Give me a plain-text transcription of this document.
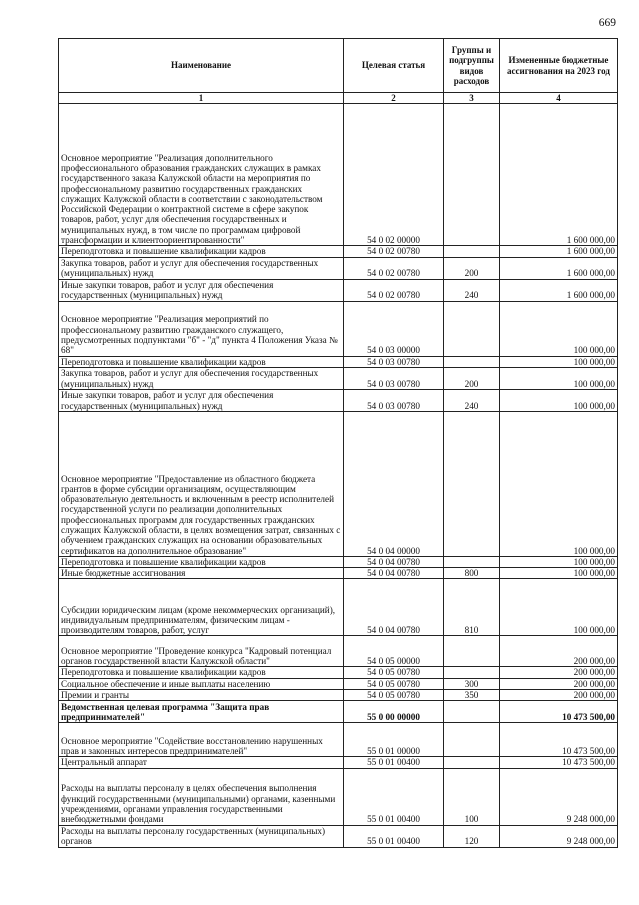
669
Наименование	Целевая статья	Группы и подгруппы видов расходов	Измененные бюджетные ассигнования на 2023 год
1	2	3	4
Основное мероприятие "Реализация дополнительного профессионального образования гражданских служащих в рамках государственного заказа Калужской области на мероприятия по профессиональному развитию государственных гражданских служащих Калужской области в соответствии с законодательством Российской Федерации о контрактной системе в сфере закупок товаров, работ, услуг для обеспечения государственных и муниципальных нужд, в том числе по программам цифровой трансформации и клиентоориентированности"	54 0 02 00000		1 600 000,00
Переподготовка и повышение квалификации кадров	54 0 02 00780		1 600 000,00
Закупка товаров, работ и услуг для обеспечения государственных (муниципальных) нужд	54 0 02 00780	200	1 600 000,00
Иные закупки товаров, работ и услуг для обеспечения государственных (муниципальных) нужд	54 0 02 00780	240	1 600 000,00
Основное мероприятие "Реализация мероприятий по профессиональному развитию гражданского служащего, предусмотренных подпунктами "б" - "д" пункта 4 Положения Указа № 68"	54 0 03 00000		100 000,00
Переподготовка и повышение квалификации кадров	54 0 03 00780		100 000,00
Закупка товаров, работ и услуг для обеспечения государственных (муниципальных) нужд	54 0 03 00780	200	100 000,00
Иные закупки товаров, работ и услуг для обеспечения государственных (муниципальных) нужд	54 0 03 00780	240	100 000,00
Основное мероприятие "Предоставление из областного бюджета грантов в форме субсидии организациям, осуществляющим образовательную деятельность и включенным в реестр исполнителей государственной услуги по реализации дополнительных профессиональных программ для государственных гражданских служащих Калужской области, в целях возмещения затрат, связанных с обучением гражданских служащих на основании образовательных сертификатов на дополнительное образование"	54 0 04 00000		100 000,00
Переподготовка и повышение квалификации кадров	54 0 04 00780		100 000,00
Иные бюджетные ассигнования	54 0 04 00780	800	100 000,00
Субсидии юридическим лицам (кроме некоммерческих организаций), индивидуальным предпринимателям, физическим лицам - производителям товаров, работ, услуг	54 0 04 00780	810	100 000,00
Основное мероприятие "Проведение конкурса "Кадровый потенциал органов государственной власти Калужской области"	54 0 05 00000		200 000,00
Переподготовка и повышение квалификации кадров	54 0 05 00780		200 000,00
Социальное обеспечение и иные выплаты населению	54 0 05 00780	300	200 000,00
Премии и гранты	54 0 05 00780	350	200 000,00
Ведомственная целевая программа "Защита прав предпринимателей"	55 0 00 00000		10 473 500,00
Основное мероприятие "Содействие восстановлению нарушенных прав и законных интересов предпринимателей"	55 0 01 00000		10 473 500,00
Центральный аппарат	55 0 01 00400		10 473 500,00
Расходы на выплаты персоналу в целях обеспечения выполнения функций государственными (муниципальными) органами, казенными учреждениями, органами управления государственными внебюджетными фондами	55 0 01 00400	100	9 248 000,00
Расходы на выплаты персоналу государственных (муниципальных) органов	55 0 01 00400	120	9 248 000,00
